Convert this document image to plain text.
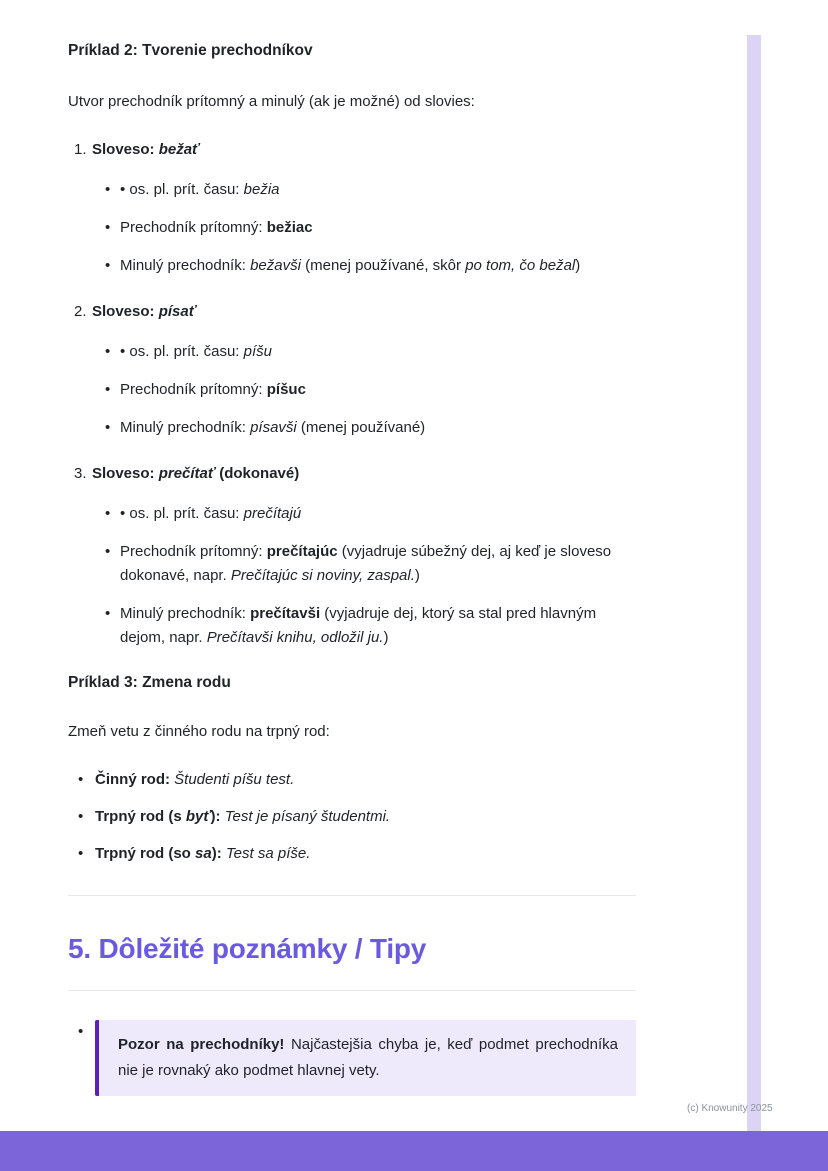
Príklad 2: Tvorenie prechodníkov

Utvor prechodník prítomný a minulý (ak je možné) od slovies:

1. Sloveso: bežať

• • os. pl. prít. času: bežia

• Prechodník prítomný: bežiac

• Minulý prechodník: bežavši (menej používané, skôr po tom, čo bežal)

2. Sloveso: písať

• • os. pl. prít. času: píšu

• Prechodník prítomný: píšuc

• Minulý prechodník: písavši (menej používané)

3. Sloveso: prečítať (dokonavé)

• • os. pl. prít. času: prečítajú

• Prechodník prítomný: prečítajúc (vyjadruje súbežný dej, aj keď je sloveso dokonavé, napr. Prečítajúc si noviny, zaspal.)

• Minulý prechodník: prečítavši (vyjadruje dej, ktorý sa stal pred hlavným dejom, napr. Prečítavši knihu, odložil ju.)

Príklad 3: Zmena rodu

Zmeň vetu z činného rodu na trpný rod:

• Činný rod: Študenti píšu test.

• Trpný rod (s byť): Test je písaný študentmi.

• Trpný rod (so sa): Test sa píše.

5. Dôležité poznámky / Tipy
•

Pozor na prechodníky! Najčastejšia chyba je, keď podmet prechodníka nie je rovnaký ako podmet hlavnej vety.

(c) Knowunity 2025
